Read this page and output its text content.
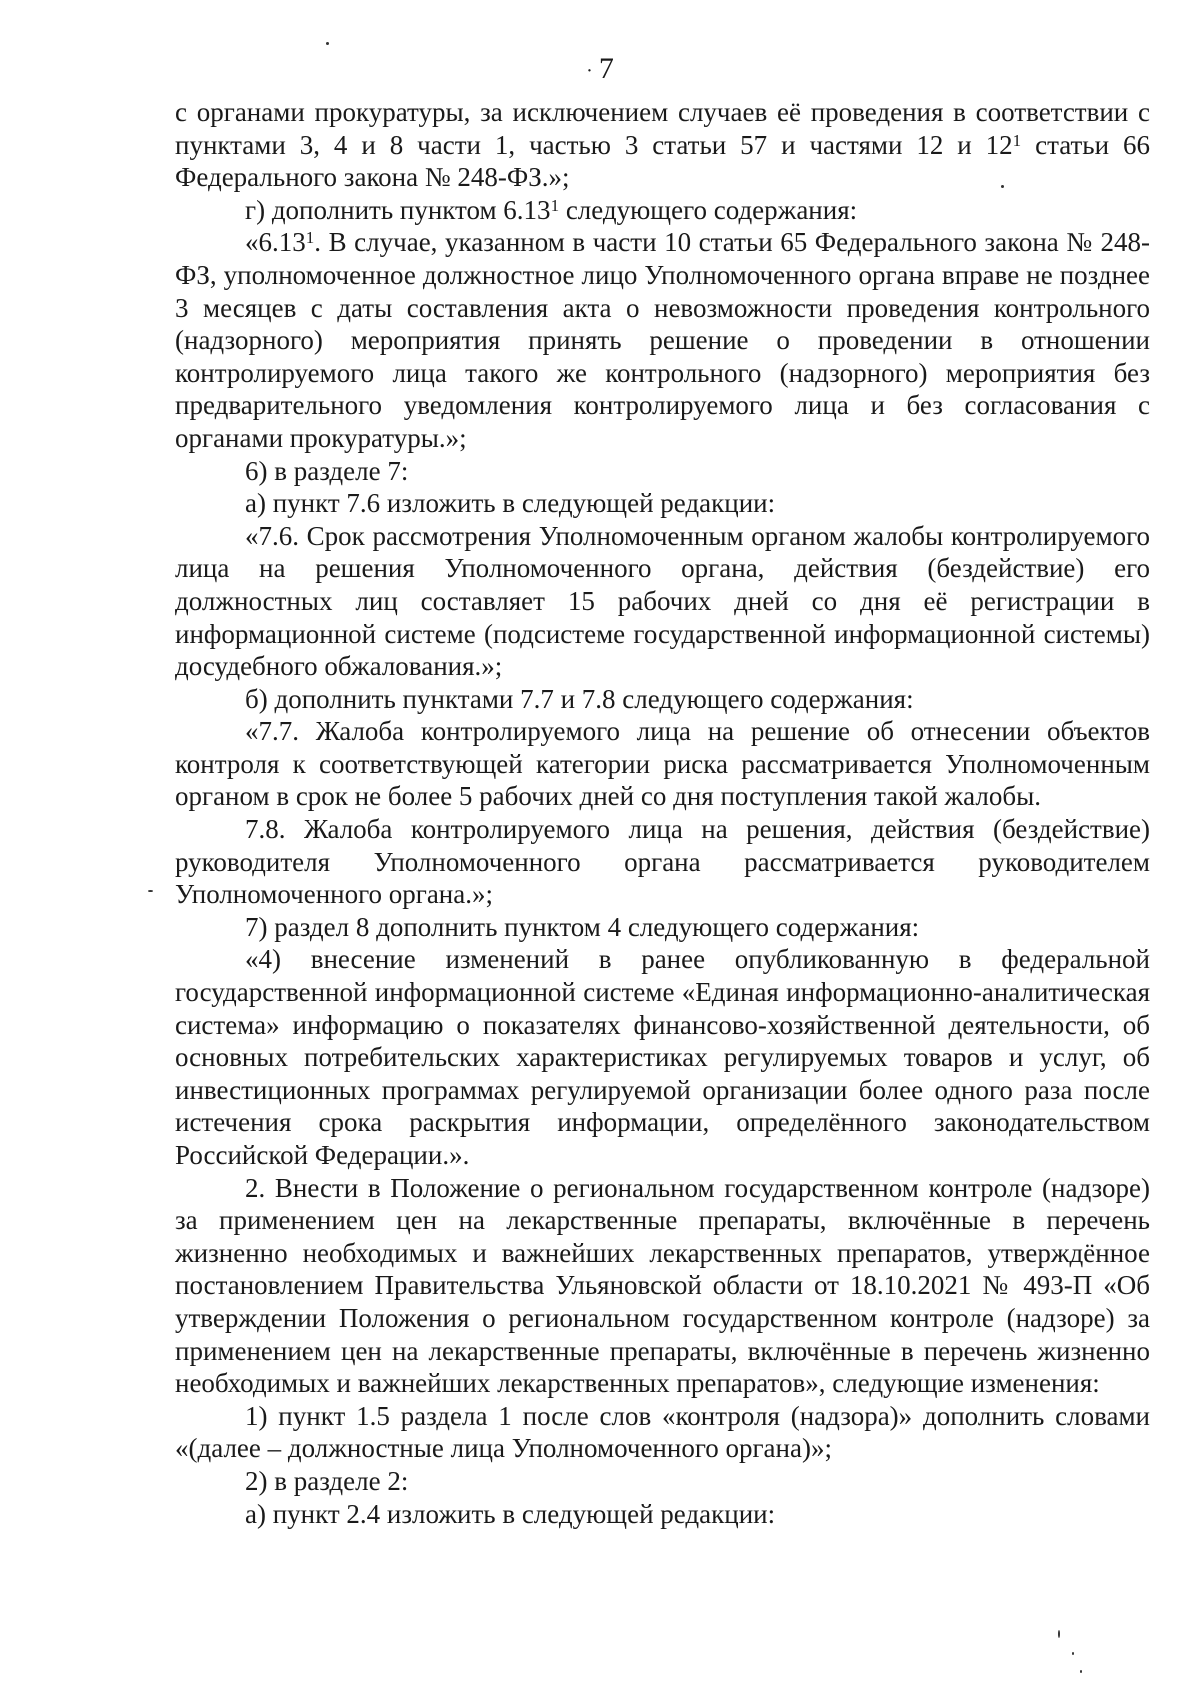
· 7

с органами прокуратуры, за исключением случаев её проведения в соответствии с пунктами 3, 4 и 8 части 1, частью 3 статьи 57 и частями 12 и $12^1$ статьи 66 Федерального закона № 248-ФЗ.»;

г) дополнить пунктом 6.13$^1$ следующего содержания:

«6.13$^1$. В случае, указанном в части 10 статьи 65 Федерального закона № 248-ФЗ, уполномоченное должностное лицо Уполномоченного органа вправе не позднее 3 месяцев с даты составления акта о невозможности проведения контрольного (надзорного) мероприятия принять решение о проведении в отношении контролируемого лица такого же контрольного (надзорного) мероприятия без предварительного уведомления контролируемого лица и без согласования с органами прокуратуры.»;

6) в разделе 7:

а) пункт 7.6 изложить в следующей редакции:

«7.6. Срок рассмотрения Уполномоченным органом жалобы контролируемого лица на решения Уполномоченного органа, действия (бездействие) его должностных лиц составляет 15 рабочих дней со дня её регистрации в информационной системе (подсистеме государственной информационной системы) досудебного обжалования.»;

б) дополнить пунктами 7.7 и 7.8 следующего содержания:

«7.7. Жалоба контролируемого лица на решение об отнесении объектов контроля к соответствующей категории риска рассматривается Уполномоченным органом в срок не более 5 рабочих дней со дня поступления такой жалобы.

7.8. Жалоба контролируемого лица на решения, действия (бездействие) руководителя Уполномоченного органа рассматривается руководителем Уполномоченного органа.»;

7) раздел 8 дополнить пунктом 4 следующего содержания:

«4) внесение изменений в ранее опубликованную в федеральной государственной информационной системе «Единая информационно-аналитическая система» информацию о показателях финансово-хозяйственной деятельности, об основных потребительских характеристиках регулируемых товаров и услуг, об инвестиционных программах регулируемой организации более одного раза после истечения срока раскрытия информации, определённого законодательством Российской Федерации.».

2. Внести в Положение о региональном государственном контроле (надзоре) за применением цен на лекарственные препараты, включённые в перечень жизненно необходимых и важнейших лекарственных препаратов, утверждённое постановлением Правительства Ульяновской области от 18.10.2021 № 493-П «Об утверждении Положения о региональном государственном контроле (надзоре) за применением цен на лекарственные препараты, включённые в перечень жизненно необходимых и важнейших лекарственных препаратов», следующие изменения:

1) пункт 1.5 раздела 1 после слов «контроля (надзора)» дополнить словами «(далее – должностные лица Уполномоченного органа)»;

2) в разделе 2:

а) пункт 2.4 изложить в следующей редакции:
